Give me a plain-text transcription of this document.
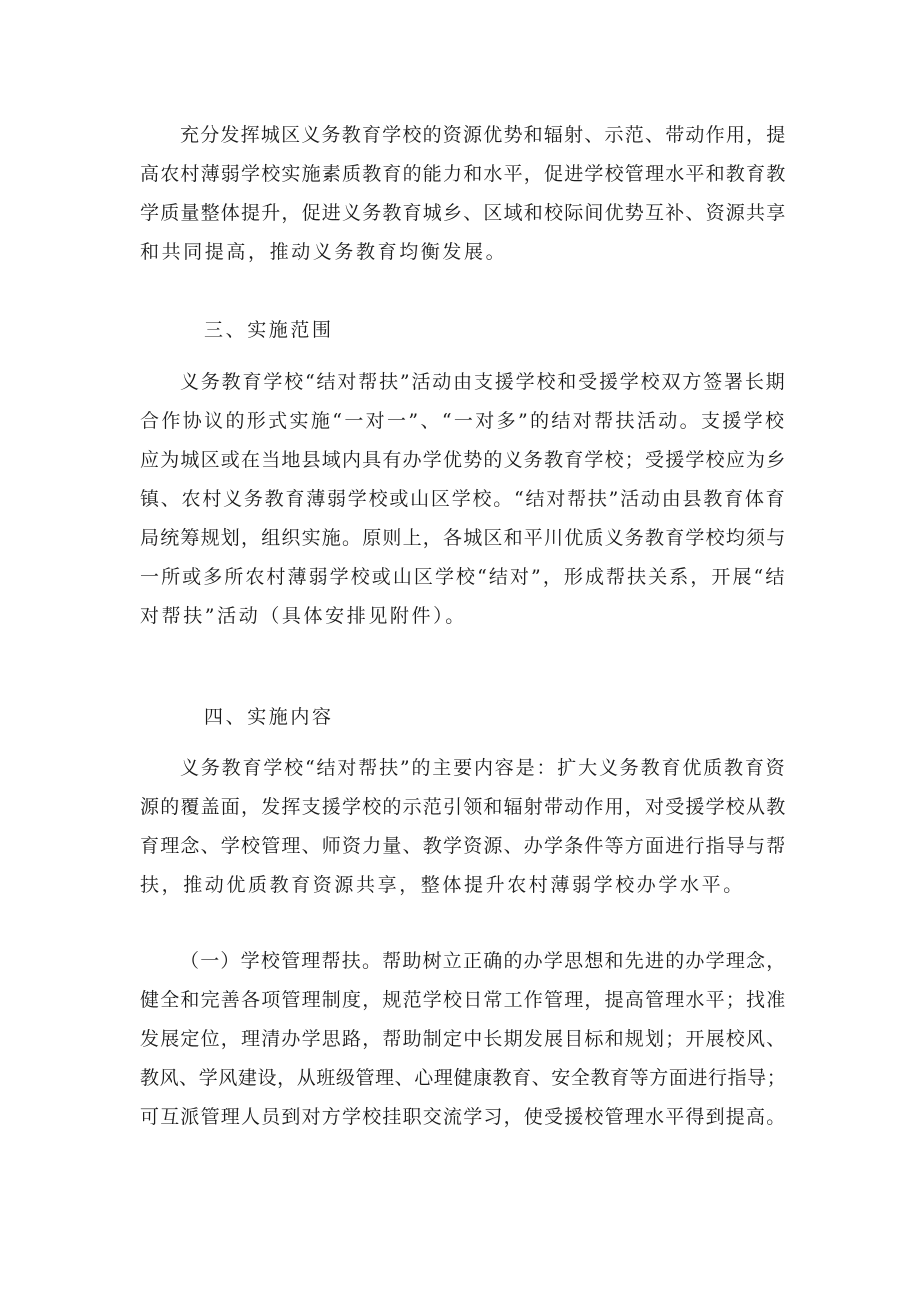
充分发挥城区义务教育学校的资源优势和辐射、示范、带动作用，提
高农村薄弱学校实施素质教育的能力和水平，促进学校管理水平和教育教
学质量整体提升，促进义务教育城乡、区域和校际间优势互补、资源共享
和共同提高，推动义务教育均衡发展。
三、实施范围
义务教育学校“结对帮扶”活动由支援学校和受援学校双方签署长期
合作协议的形式实施“一对一”、“一对多”的结对帮扶活动。支援学校
应为城区或在当地县域内具有办学优势的义务教育学校；受援学校应为乡
镇、农村义务教育薄弱学校或山区学校。“结对帮扶”活动由县教育体育
局统筹规划，组织实施。原则上，各城区和平川优质义务教育学校均须与
一所或多所农村薄弱学校或山区学校“结对”，形成帮扶关系，开展“结
对帮扶”活动（具体安排见附件）。
四、实施内容
义务教育学校“结对帮扶”的主要内容是：扩大义务教育优质教育资
源的覆盖面，发挥支援学校的示范引领和辐射带动作用，对受援学校从教
育理念、学校管理、师资力量、教学资源、办学条件等方面进行指导与帮
扶，推动优质教育资源共享，整体提升农村薄弱学校办学水平。
（一）学校管理帮扶。帮助树立正确的办学思想和先进的办学理念，
健全和完善各项管理制度，规范学校日常工作管理，提高管理水平；找准
发展定位，理清办学思路，帮助制定中长期发展目标和规划；开展校风、
教风、学风建设，从班级管理、心理健康教育、安全教育等方面进行指导；
可互派管理人员到对方学校挂职交流学习，使受援校管理水平得到提高。
